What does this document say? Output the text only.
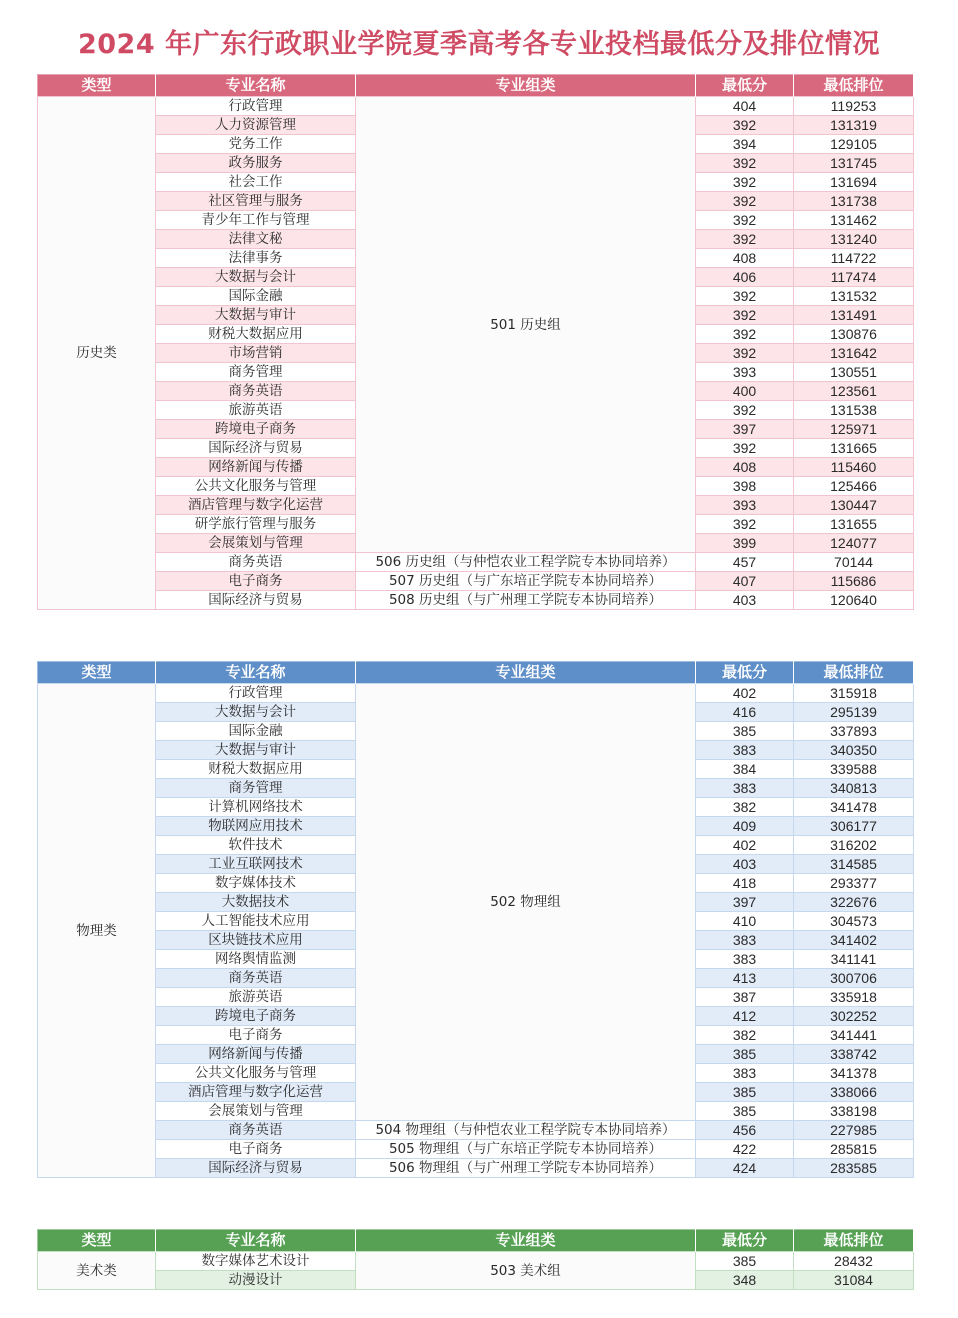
2024 年广东行政职业学院夏季高考各专业投档最低分及排位情况
类型	专业名称	专业组类	最低分	最低排位
历史类	行政管理	501 历史组	404	119253
	人力资源管理		392	131319
	党务工作		394	129105
	政务服务		392	131745
	社会工作		392	131694
	社区管理与服务		392	131738
	青少年工作与管理		392	131462
	法律文秘		392	131240
	法律事务		408	114722
	大数据与会计		406	117474
	国际金融		392	131532
	大数据与审计		392	131491
	财税大数据应用		392	130876
	市场营销		392	131642
	商务管理		393	130551
	商务英语		400	123561
	旅游英语		392	131538
	跨境电子商务		397	125971
	国际经济与贸易		392	131665
	网络新闻与传播		408	115460
	公共文化服务与管理		398	125466
	酒店管理与数字化运营		393	130447
	研学旅行管理与服务		392	131655
	会展策划与管理		399	124077
	商务英语	506 历史组（与仲恺农业工程学院专本协同培养）	457	70144
	电子商务	507 历史组（与广东培正学院专本协同培养）	407	115686
	国际经济与贸易	508 历史组（与广州理工学院专本协同培养）	403	120640
类型	专业名称	专业组类	最低分	最低排位
物理类	行政管理	502 物理组	402	315918
	大数据与会计		416	295139
	国际金融		385	337893
	大数据与审计		383	340350
	财税大数据应用		384	339588
	商务管理		383	340813
	计算机网络技术		382	341478
	物联网应用技术		409	306177
	软件技术		402	316202
	工业互联网技术		403	314585
	数字媒体技术		418	293377
	大数据技术		397	322676
	人工智能技术应用		410	304573
	区块链技术应用		383	341402
	网络舆情监测		383	341141
	商务英语		413	300706
	旅游英语		387	335918
	跨境电子商务		412	302252
	电子商务		382	341441
	网络新闻与传播		385	338742
	公共文化服务与管理		383	341378
	酒店管理与数字化运营		385	338066
	会展策划与管理		385	338198
	商务英语	504 物理组（与仲恺农业工程学院专本协同培养）	456	227985
	电子商务	505 物理组（与广东培正学院专本协同培养）	422	285815
	国际经济与贸易	506 物理组（与广州理工学院专本协同培养）	424	283585
类型	专业名称	专业组类	最低分	最低排位
美术类	数字媒体艺术设计	503 美术组	385	28432
	动漫设计		348	31084
